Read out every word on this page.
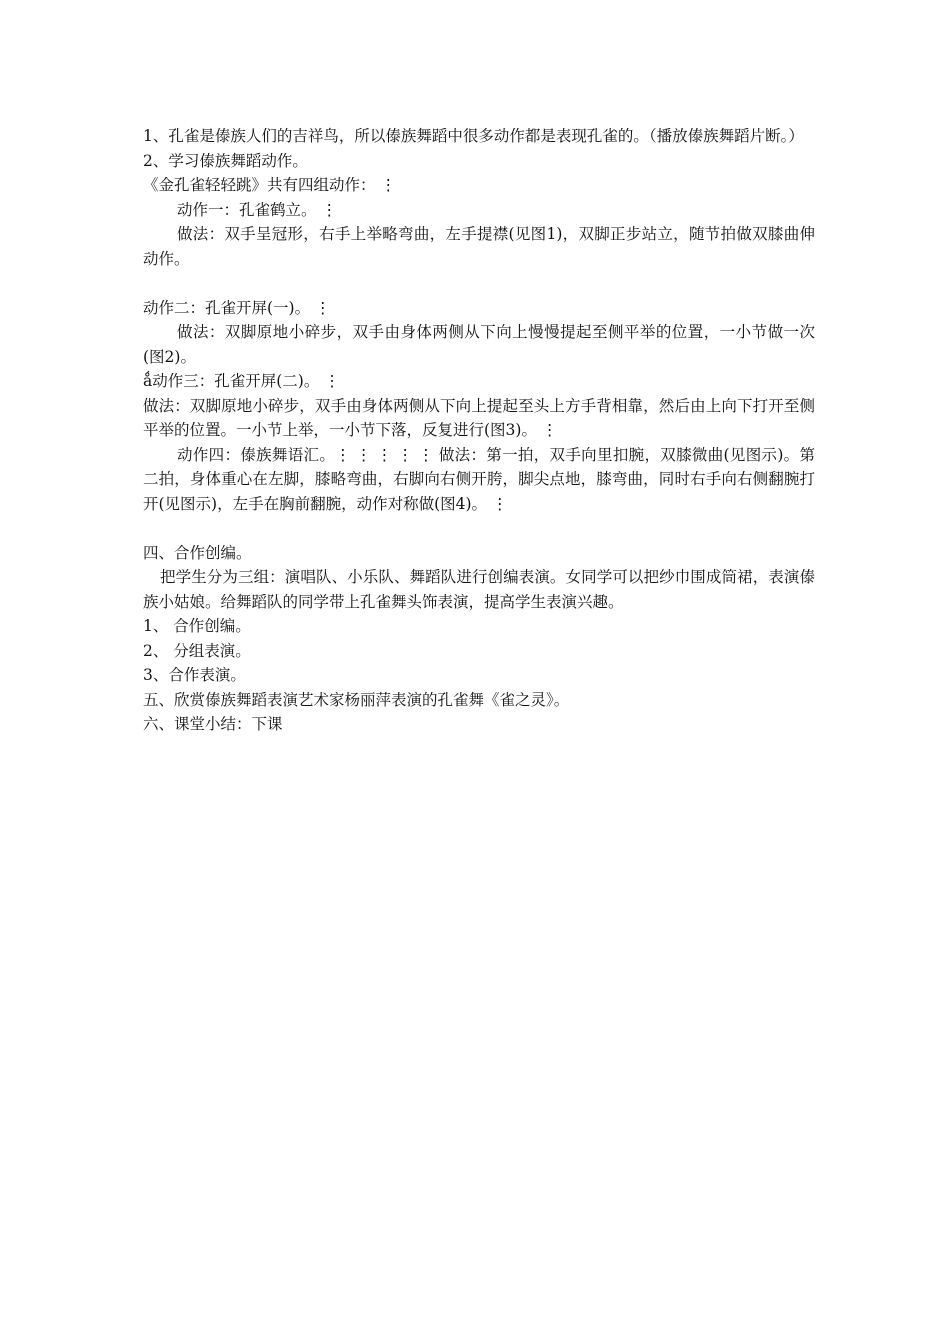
1、孔雀是傣族人们的吉祥鸟，所以傣族舞蹈中很多动作都是表现孔雀的。（播放傣族舞蹈片断。）

2、学习傣族舞蹈动作。

《金孔雀轻轻跳》共有四组动作： ⋮

动作一：孔雀鹤立。 ⋮

做法：双手呈冠形，右手上举略弯曲，左手提襟(见图1)，双脚正步站立，随节拍做双膝曲伸动作。

动作二：孔雀开屏(一)。 ⋮

做法：双脚原地小碎步，双手由身体两侧从下向上慢慢提起至侧平举的位置，一小节做一次(图2)。

ǻ动作三：孔雀开屏(二)。 ⋮

做法：双脚原地小碎步，双手由身体两侧从下向上提起至头上方手背相靠，然后由上向下打开至侧平举的位置。一小节上举，一小节下落，反复进行(图3)。 ⋮

动作四：傣族舞语汇。⋮ ⋮ ⋮ ⋮ ⋮ 做法：第一拍，双手向里扣腕，双膝微曲(见图示)。第二拍，身体重心在左脚，膝略弯曲，右脚向右侧开胯，脚尖点地，膝弯曲，同时右手向右侧翻腕打开(见图示)，左手在胸前翻腕，动作对称做(图4)。 ⋮

四、合作创编。

把学生分为三组：演唱队、小乐队、舞蹈队进行创编表演。女同学可以把纱巾围成筒裙，表演傣族小姑娘。给舞蹈队的同学带上孔雀舞头饰表演，提高学生表演兴趣。

1、 合作创编。

2、 分组表演。

3、合作表演。

五、欣赏傣族舞蹈表演艺术家杨丽萍表演的孔雀舞《雀之灵》。

六、课堂小结：下课
